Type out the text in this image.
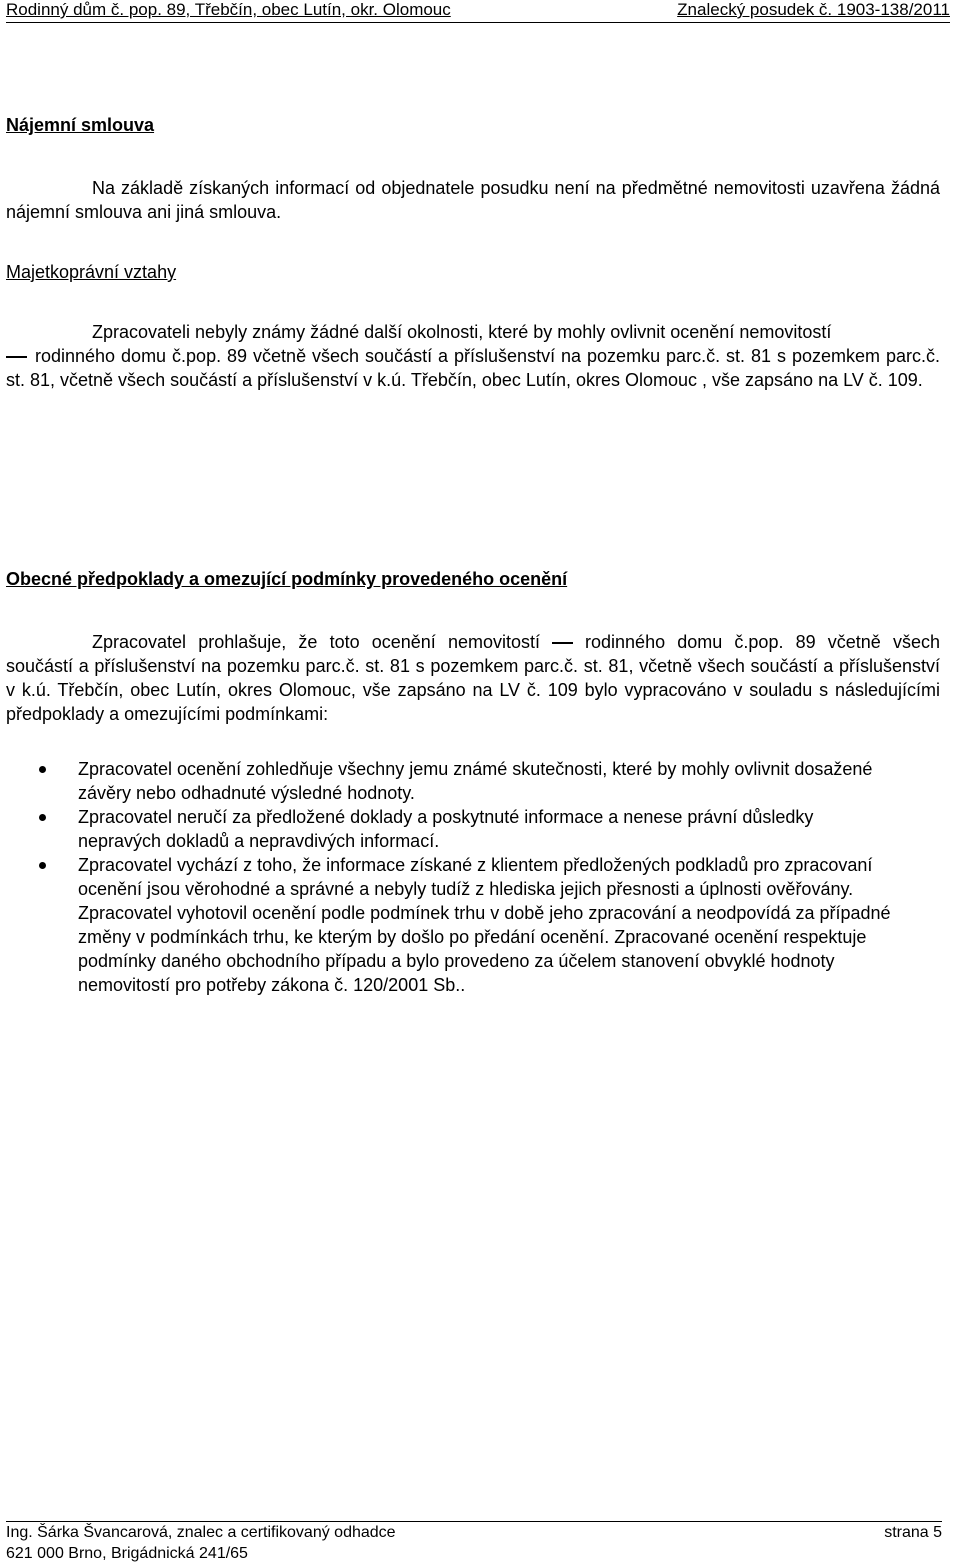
Rodinný dům č. pop. 89, Třebčín, obec Lutín, okr. Olomouc	Znalecký posudek č. 1903-138/2011
Nájemní smlouva

Na základě získaných informací od objednatele posudku není na předmětné nemovitosti uzavřena žádná nájemní smlouva ani jiná smlouva.

Majetkoprávní vztahy

Zpracovateli nebyly známy žádné další okolnosti, které by mohly ovlivnit ocenění nemovitostí

rodinného domu č.pop. 89 včetně všech součástí a příslušenství na pozemku parc.č. st. 81 s pozemkem parc.č. st. 81, včetně všech součástí a příslušenství v k.ú. Třebčín, obec Lutín, okres Olomouc , vše zapsáno na LV č. 109.

Obecné předpoklady a omezující podmínky provedeného ocenění

Zpracovatel prohlašuje, že toto ocenění nemovitostí	rodinného domu č.pop. 89 včetně všech součástí a příslušenství na pozemku parc.č. st. 81 s pozemkem parc.č. st. 81, včetně všech součástí a příslušenství v k.ú. Třebčín, obec Lutín, okres Olomouc, vše zapsáno na LV č. 109 bylo vypracováno v souladu s následujícími předpoklady a omezujícími podmínkami:

Zpracovatel ocenění zohledňuje všechny jemu známé skutečnosti, které by mohly ovlivnit dosažené závěry nebo odhadnuté výsledné hodnoty.
Zpracovatel neručí za předložené doklady a poskytnuté informace a nenese právní důsledky nepravých dokladů a nepravdivých informací.
Zpracovatel vychází z toho, že informace získané z klientem předložených podkladů pro zpracovaní ocenění jsou věrohodné a správné a nebyly tudíž z hlediska jejich přesnosti a úplnosti ověřovány. Zpracovatel vyhotovil ocenění podle podmínek trhu v době jeho zpracování a neodpovídá za případné změny v podmínkách trhu, ke kterým by došlo po předání ocenění. Zpracované ocenění respektuje podmínky daného obchodního případu a bylo provedeno za účelem stanovení obvyklé hodnoty nemovitostí pro potřeby zákona č. 120/2001 Sb..
Ing. Šárka Švancarová, znalec a certifikovaný odhadce	strana 5
621 000 Brno, Brigádnická 241/65
